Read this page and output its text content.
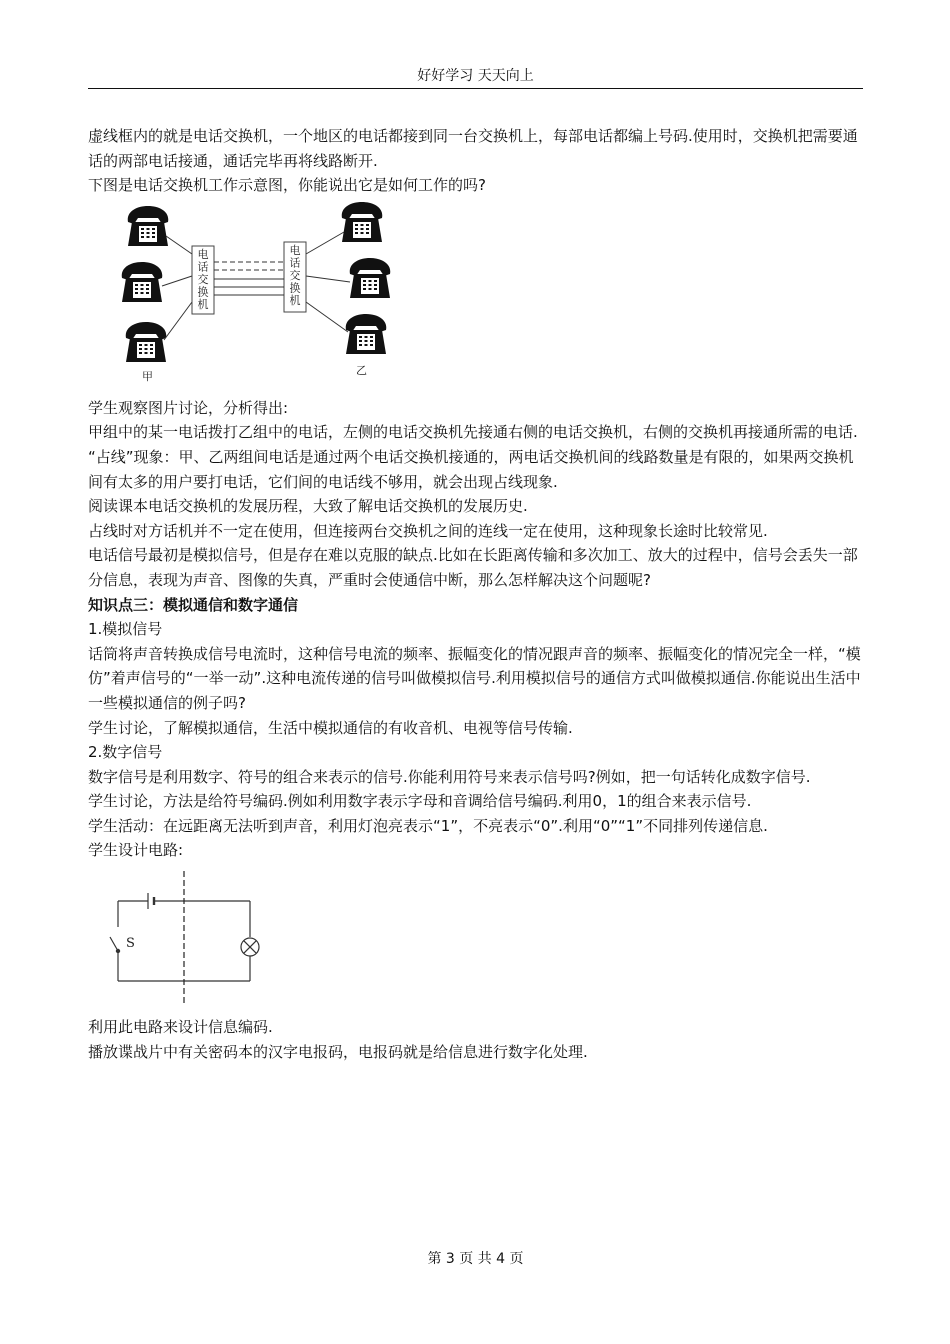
好好学习 天天向上

虚线框内的就是电话交换机，一个地区的电话都接到同一台交换机上，每部电话都编上号码.使用时，交换机把需要通话的两部电话接通，通话完毕再将线路断开.

下图是电话交换机工作示意图，你能说出它是如何工作的吗?

电话交换机
电话交换机
甲	乙

学生观察图片讨论，分析得出:

甲组中的某一电话拨打乙组中的电话，左侧的电话交换机先接通右侧的电话交换机，右侧的交换机再接通所需的电话.

“占线”现象：甲、乙两组间电话是通过两个电话交换机接通的，两电话交换机间的线路数量是有限的，如果两交换机间有太多的用户要打电话，它们间的电话线不够用，就会出现占线现象.

阅读课本电话交换机的发展历程，大致了解电话交换机的发展历史.

占线时对方话机并不一定在使用，但连接两台交换机之间的连线一定在使用，这种现象长途时比较常见.

电话信号最初是模拟信号，但是存在难以克服的缺点.比如在长距离传输和多次加工、放大的过程中，信号会丢失一部分信息，表现为声音、图像的失真，严重时会使通信中断，那么怎样解决这个问题呢?

知识点三：模拟通信和数字通信

1.模拟信号

话筒将声音转换成信号电流时，这种信号电流的频率、振幅变化的情况跟声音的频率、振幅变化的情况完全一样，“模仿”着声信号的“一举一动”.这种电流传递的信号叫做模拟信号.利用模拟信号的通信方式叫做模拟通信.你能说出生活中一些模拟通信的例子吗?

学生讨论，了解模拟通信，生活中模拟通信的有收音机、电视等信号传输.

2.数字信号

数字信号是利用数字、符号的组合来表示的信号.你能利用符号来表示信号吗?例如，把一句话转化成数字信号.

学生讨论，方法是给符号编码.例如利用数字表示字母和音调给信号编码.利用0，1的组合来表示信号.

学生活动：在远距离无法听到声音，利用灯泡亮表示“1”，不亮表示“0”.利用“0”“1”不同排列传递信息.

学生设计电路:

S

利用此电路来设计信息编码.

播放谍战片中有关密码本的汉字电报码，电报码就是给信息进行数字化处理.

第 3 页 共 4 页
